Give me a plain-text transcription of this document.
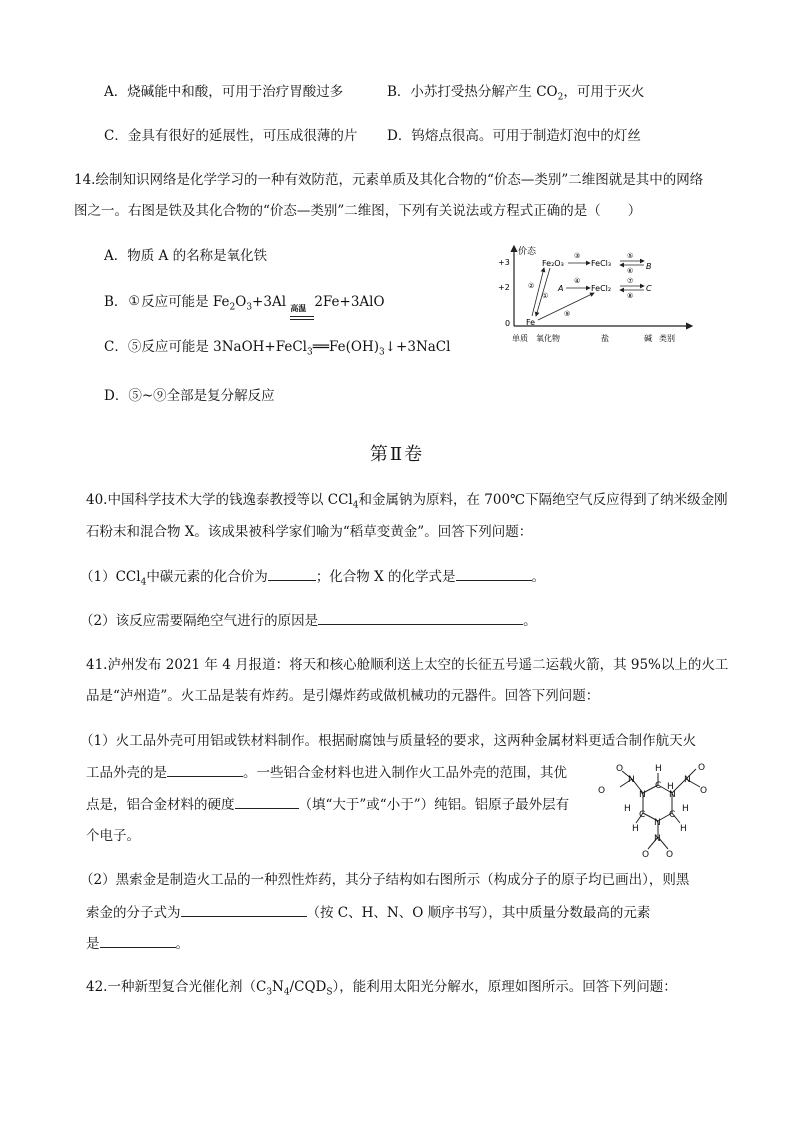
A．烧碱能中和酸，可用于治疗胃酸过多	B．小苏打受热分解产生 $CO_2$，可用于灭火
C．金具有很好的延展性，可压成很薄的片 D．钨熔点很高。可用于制造灯泡中的灯丝
14.绘制知识网络是化学学习的一种有效防范，元素单质及其化合物的“价态—类别”二维图就是其中的网络
图之一。右图是铁及其化合物的“价态—类别”二维图，下列有关说法或方程式正确的是（　　）
A．物质 A 的名称是氧化铁
B．①反应可能是 $Fe_2O_3+3Al$ 高温 2Fe+3AlO
C．⑤反应可能是 $3NaOH+FeCl_3══Fe(OH)_3↓+3NaCl$
D．⑤~⑨全部是复分解反应
价态
+3
+2
0
单质 氧化物	盐	碱 类别
Fe₂O₃	FeCl₃	B
A	FeCl₂	C
Fe
③	⑤
⑥
②
①
④	⑦
⑧
⑨
第Ⅱ卷
40.中国科学技术大学的钱逸泰教授等以 CCl$_4$和金属钠为原料，在 700℃下隔绝空气反应得到了纳米级金刚
石粉末和混合物 X。该成果被科学家们喻为“稻草变黄金”。回答下列问题：
（1）CCl$_4$中碳元素的化合价为	；化合物 X 的化学式是	。
（2）该反应需要隔绝空气进行的原因是	。
41.泸州发布 2021 年 4 月报道：将天和核心舱顺利送上太空的长征五号遥二运载火箭，其 95%以上的火工
品是“泸州造”。火工品是装有炸药。是引爆炸药或做机械功的元器件。回答下列问题：
（1）火工品外壳可用铝或铁材料制作。根据耐腐蚀与质量轻的要求，这两种金属材料更适合制作航天火
工品外壳的是	。一些铝合金材料也进入制作火工品外壳的范围，其优
点是，铝合金材料的硬度	（填“大于”或“小于”）纯铝。铝原子最外层有
个电子。
O
N
O	N
C
H
H
N
O
H
C
N
C
H
O
H	H
N
O
N
O
（2）黑索金是制造火工品的一种烈性炸药，其分子结构如右图所示（构成分子的原子均已画出），则黑
索金的分子式为	（按 C、H、N、O 顺序书写），其中质量分数最高的元素
是	。
42.一种新型复合光催化剂$(C_3N_4/CQD_S)$，能利用太阳光分解水，原理如图所示。回答下列问题：
